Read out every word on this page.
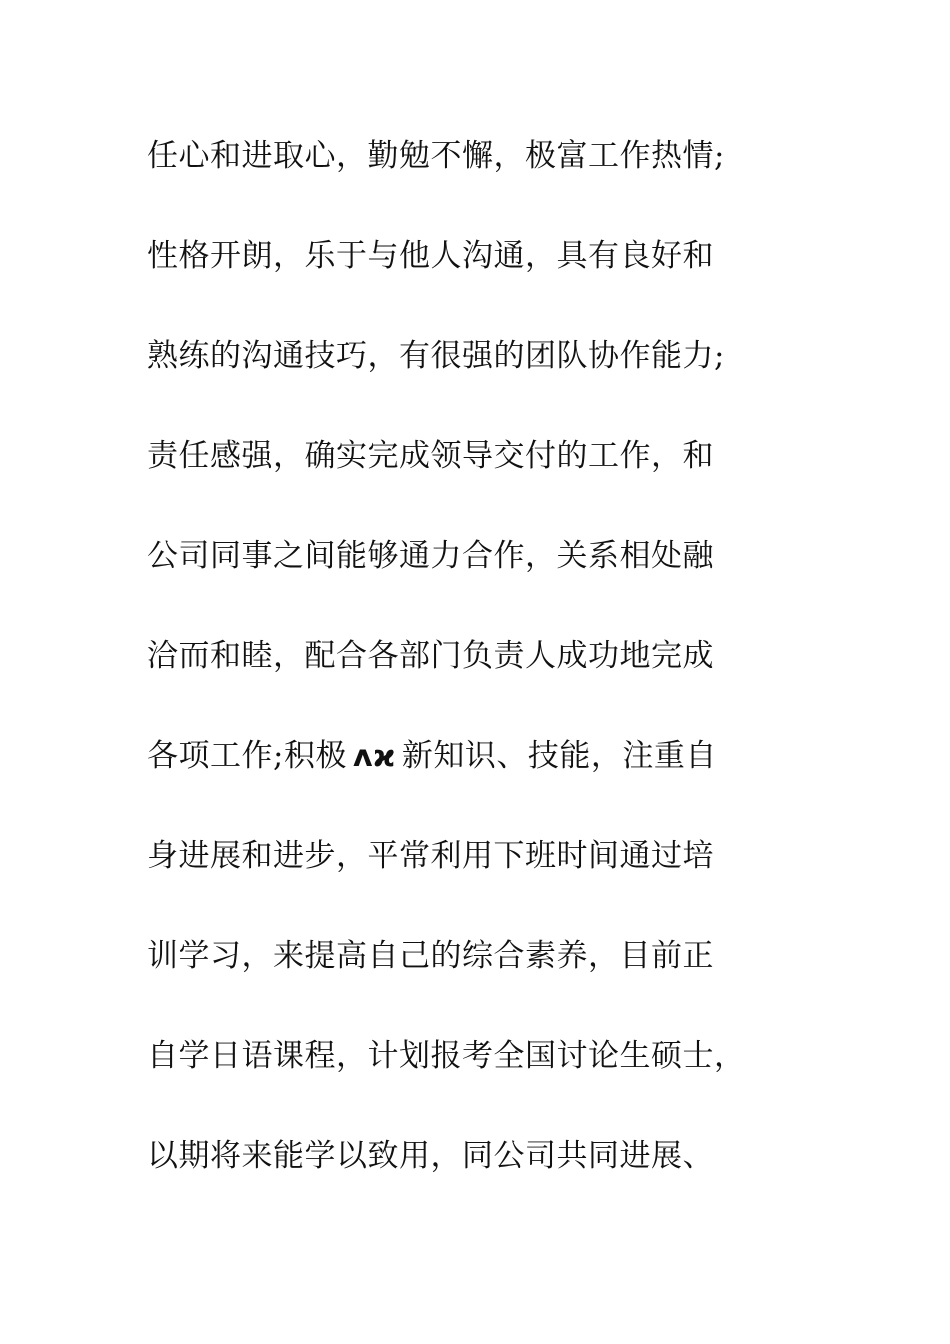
任心和进取心，勤勉不懈，极富工作热情;
性格开朗，乐于与他人沟通，具有良好和
熟练的沟通技巧，有很强的团队协作能力;
责任感强，确实完成领导交付的工作，和
公司同事之间能够通力合作，关系相处融
洽而和睦，配合各部门负责人成功地完成
各项工作;积极 ʌϰ 新知识、技能，注重自
身进展和进步，平常利用下班时间通过培
训学习，来提高自己的综合素养，目前正
自学日语课程，计划报考全国讨论生硕士，
以期将来能学以致用，同公司共同进展、
